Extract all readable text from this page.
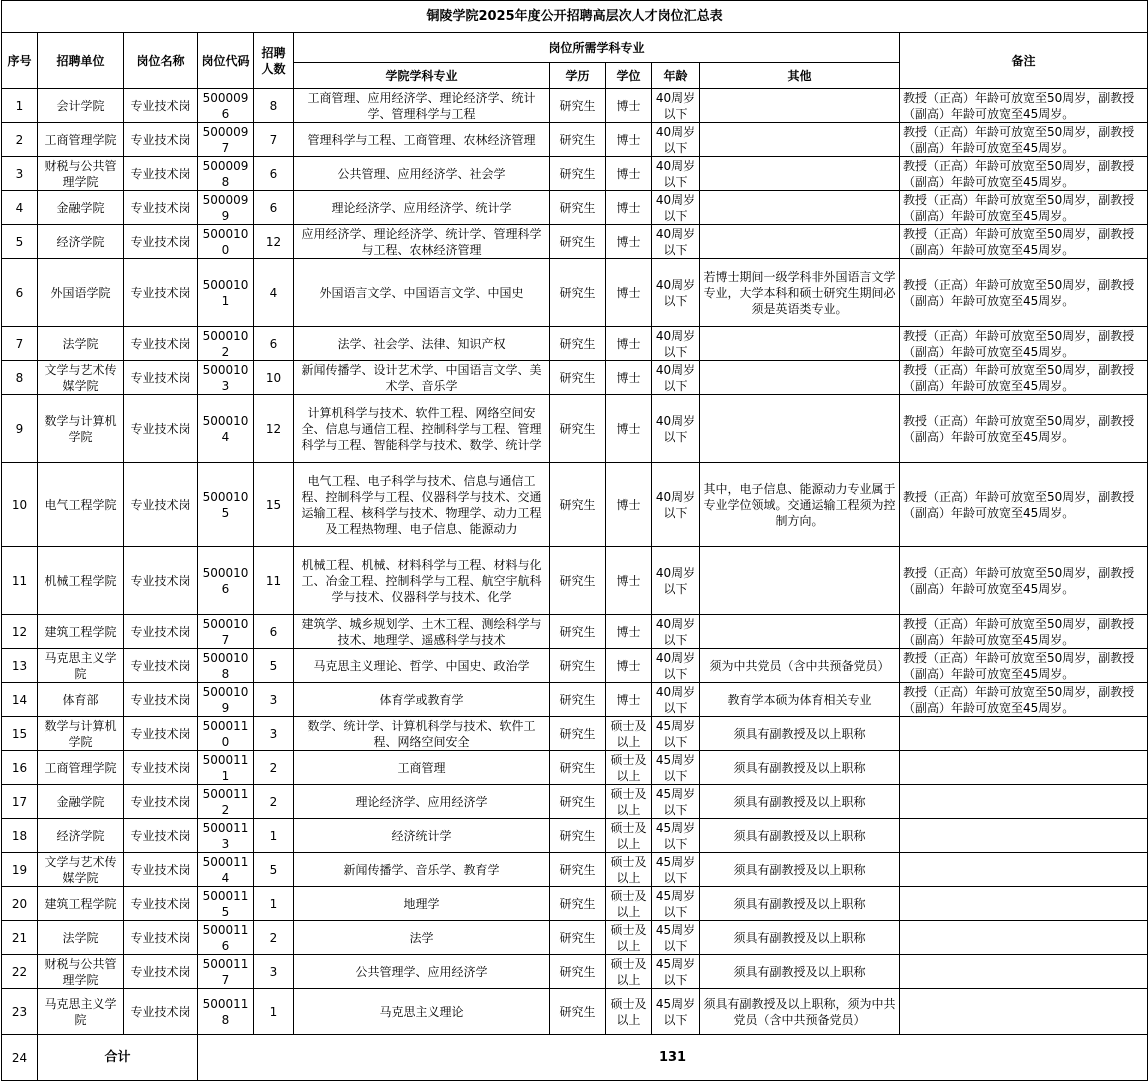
铜陵学院2025年度公开招聘高层次人才岗位汇总表										
序号	招聘单位	岗位名称	岗位代码	招聘人数	岗位所需学科专业					备注
					学院学科专业	学历	学位	年龄	其他	
1	会计学院	专业技术岗	5000096	8	工商管理、应用经济学、理论经济学、统计学、管理科学与工程	研究生	博士	40周岁以下		教授（正高）年龄可放宽至50周岁，副教授（副高）年龄可放宽至45周岁。
2	工商管理学院	专业技术岗	5000097	7	管理科学与工程、工商管理、农林经济管理	研究生	博士	40周岁以下		教授（正高）年龄可放宽至50周岁，副教授（副高）年龄可放宽至45周岁。
3	财税与公共管理学院	专业技术岗	5000098	6	公共管理、应用经济学、社会学	研究生	博士	40周岁以下		教授（正高）年龄可放宽至50周岁，副教授（副高）年龄可放宽至45周岁。
4	金融学院	专业技术岗	5000099	6	理论经济学、应用经济学、统计学	研究生	博士	40周岁以下		教授（正高）年龄可放宽至50周岁，副教授（副高）年龄可放宽至45周岁。
5	经济学院	专业技术岗	5000100	12	应用经济学、理论经济学、统计学、管理科学与工程、农林经济管理	研究生	博士	40周岁以下		教授（正高）年龄可放宽至50周岁，副教授（副高）年龄可放宽至45周岁。
6	外国语学院	专业技术岗	5000101	4	外国语言文学、中国语言文学、中国史	研究生	博士	40周岁以下	若博士期间一级学科非外国语言文学专业，大学本科和硕士研究生期间必须是英语类专业。	教授（正高）年龄可放宽至50周岁，副教授（副高）年龄可放宽至45周岁。
7	法学院	专业技术岗	5000102	6	法学、社会学、法律、知识产权	研究生	博士	40周岁以下		教授（正高）年龄可放宽至50周岁，副教授（副高）年龄可放宽至45周岁。
8	文学与艺术传媒学院	专业技术岗	5000103	10	新闻传播学、设计艺术学、中国语言文学、美术学、音乐学	研究生	博士	40周岁以下		教授（正高）年龄可放宽至50周岁，副教授（副高）年龄可放宽至45周岁。
9	数学与计算机学院	专业技术岗	5000104	12	计算机科学与技术、软件工程、网络空间安全、信息与通信工程、控制科学与工程、管理科学与工程、智能科学与技术、数学、统计学	研究生	博士	40周岁以下		教授（正高）年龄可放宽至50周岁，副教授（副高）年龄可放宽至45周岁。
10	电气工程学院	专业技术岗	5000105	15	电气工程、电子科学与技术、信息与通信工程、控制科学与工程、仪器科学与技术、交通运输工程、核科学与技术、物理学、动力工程及工程热物理、电子信息、能源动力	研究生	博士	40周岁以下	其中，电子信息、能源动力专业属于专业学位领域。交通运输工程须为控制方向。	教授（正高）年龄可放宽至50周岁，副教授（副高）年龄可放宽至45周岁。
11	机械工程学院	专业技术岗	5000106	11	机械工程、机械、材料科学与工程、材料与化工、冶金工程、控制科学与工程、航空宇航科学与技术、仪器科学与技术、化学	研究生	博士	40周岁以下		教授（正高）年龄可放宽至50周岁，副教授（副高）年龄可放宽至45周岁。
12	建筑工程学院	专业技术岗	5000107	6	建筑学、城乡规划学、土木工程、测绘科学与技术、地理学、遥感科学与技术	研究生	博士	40周岁以下		教授（正高）年龄可放宽至50周岁，副教授（副高）年龄可放宽至45周岁。
13	马克思主义学院	专业技术岗	5000108	5	马克思主义理论、哲学、中国史、政治学	研究生	博士	40周岁以下	须为中共党员（含中共预备党员）	教授（正高）年龄可放宽至50周岁，副教授（副高）年龄可放宽至45周岁。
14	体育部	专业技术岗	5000109	3	体育学或教育学	研究生	博士	40周岁以下	教育学本硕为体育相关专业	教授（正高）年龄可放宽至50周岁，副教授（副高）年龄可放宽至45周岁。
15	数学与计算机学院	专业技术岗	5000110	3	数学、统计学、计算机科学与技术、软件工程、网络空间安全	研究生	硕士及以上	45周岁以下	须具有副教授及以上职称	
16	工商管理学院	专业技术岗	5000111	2	工商管理	研究生	硕士及以上	45周岁以下	须具有副教授及以上职称	
17	金融学院	专业技术岗	5000112	2	理论经济学、应用经济学	研究生	硕士及以上	45周岁以下	须具有副教授及以上职称	
18	经济学院	专业技术岗	5000113	1	经济统计学	研究生	硕士及以上	45周岁以下	须具有副教授及以上职称	
19	文学与艺术传媒学院	专业技术岗	5000114	5	新闻传播学、音乐学、教育学	研究生	硕士及以上	45周岁以下	须具有副教授及以上职称	
20	建筑工程学院	专业技术岗	5000115	1	地理学	研究生	硕士及以上	45周岁以下	须具有副教授及以上职称	
21	法学院	专业技术岗	5000116	2	法学	研究生	硕士及以上	45周岁以下	须具有副教授及以上职称	
22	财税与公共管理学院	专业技术岗	5000117	3	公共管理学、应用经济学	研究生	硕士及以上	45周岁以下	须具有副教授及以上职称	
23	马克思主义学院	专业技术岗	5000118	1	马克思主义理论	研究生	硕士及以上	45周岁以下	须具有副教授及以上职称，须为中共党员（含中共预备党员）	
24	合计		131							
